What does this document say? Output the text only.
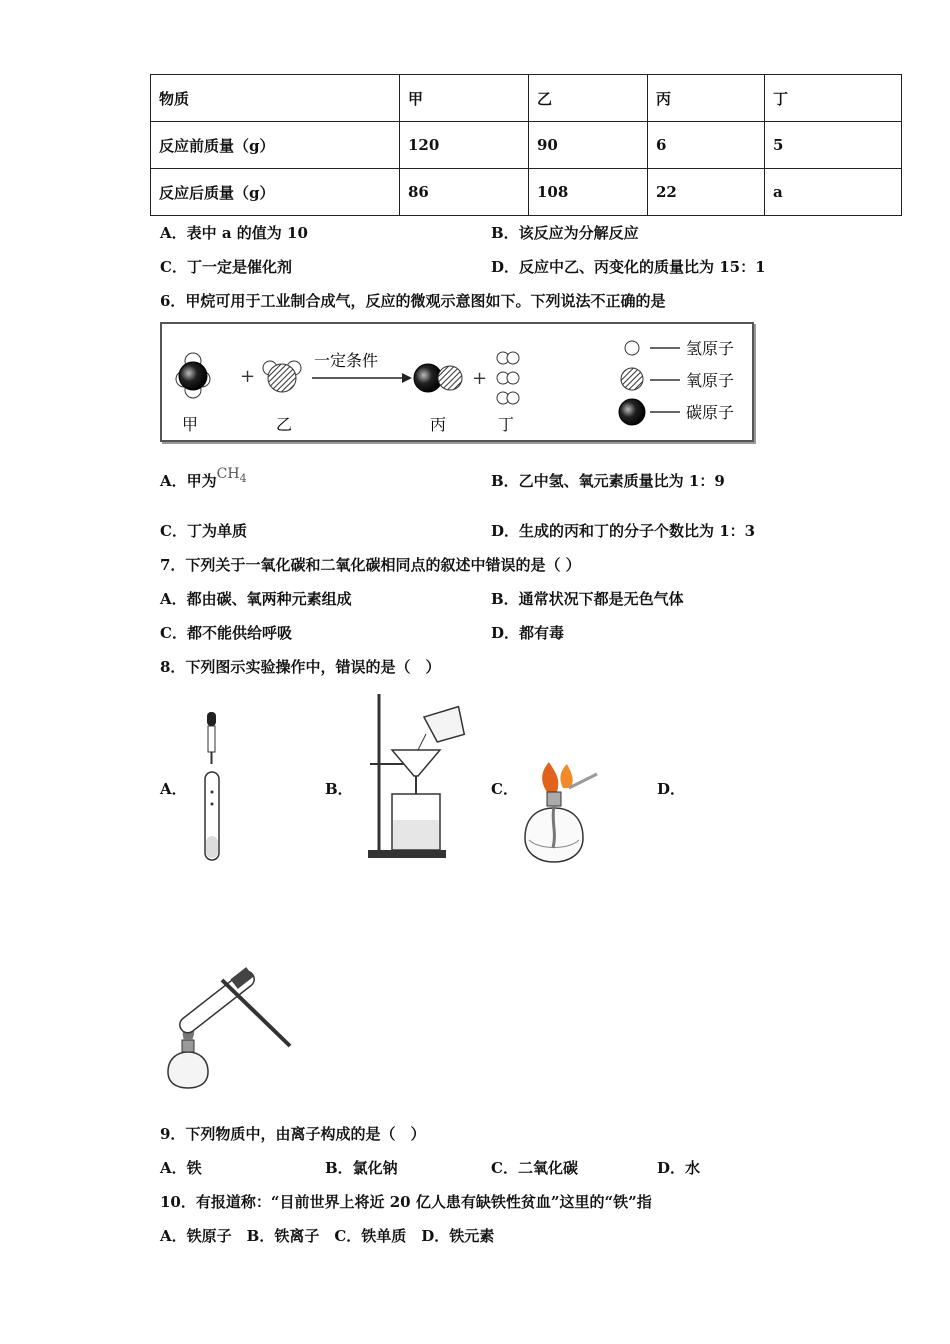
物质	甲	乙	丙	丁
反应前质量（g）	120	90	6	5
反应后质量（g）	86	108	22	a
A．表中 a 的值为 10	B．该反应为分解反应
C．丁一定是催化剂	D．反应中乙、丙变化的质量比为 15：1
6．甲烷可用于工业制合成气，反应的微观示意图如下。下列说法不正确的是
+
一定条件
+
甲	乙	丙	丁
氢原子
氧原子
碳原子
A．甲为$CH_4$	B．乙中氢、氧元素质量比为 1：9
C．丁为单质	D．生成的丙和丁的分子个数比为 1：3
7．下列关于一氧化碳和二氧化碳相同点的叙述中错误的是（ ）
A．都由碳、氧两种元素组成	B．通常状况下都是无色气体
C．都不能供给呼吸	D．都有毒
8．下列图示实验操作中，错误的是（　）
A．	B．	C．	D．
9．下列物质中，由离子构成的是（　）
A．铁	B．氯化钠	C．二氧化碳	D．水
10．有报道称：“目前世界上将近 20 亿人患有缺铁性贫血”这里的“铁”指
A．铁原子　B．铁离子　C．铁单质　D．铁元素
